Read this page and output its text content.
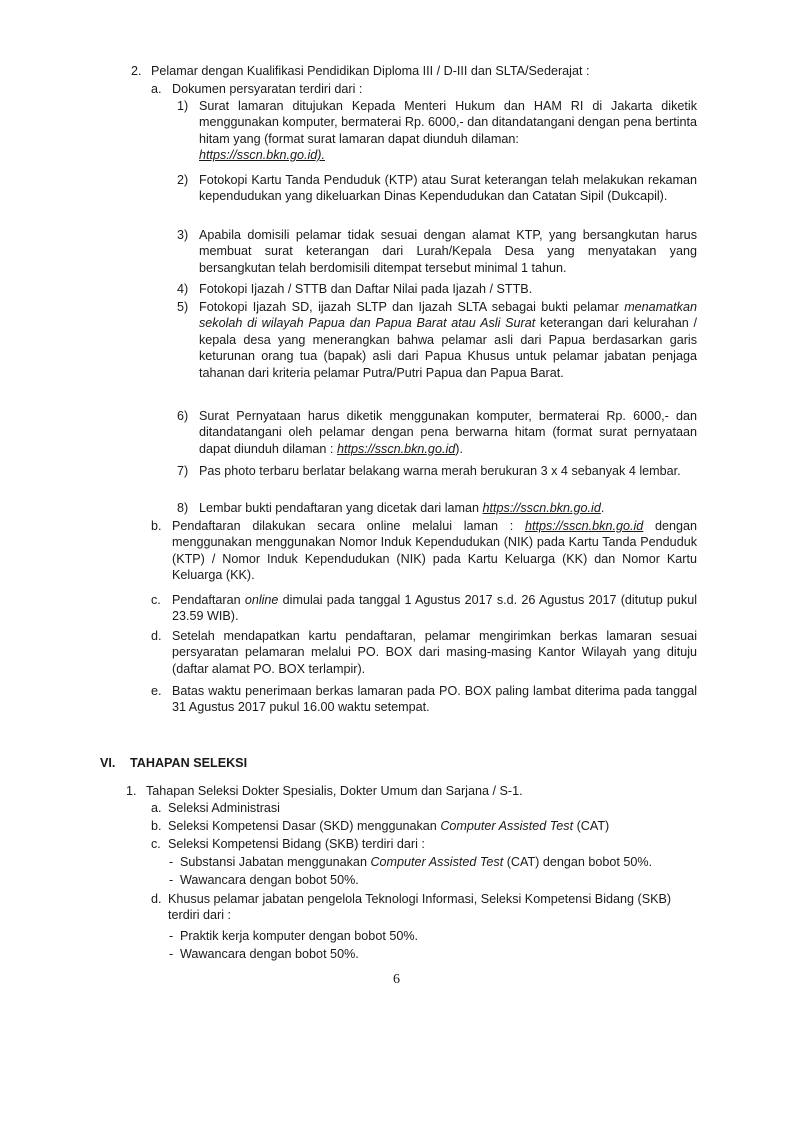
2. Pelamar dengan Kualifikasi Pendidikan Diploma III / D-III dan SLTA/Sederajat :
a. Dokumen persyaratan terdiri dari :
1) Surat lamaran ditujukan Kepada Menteri Hukum dan HAM RI di Jakarta diketik menggunakan komputer, bermaterai Rp. 6000,- dan ditandatangani dengan pena bertinta hitam yang (format surat lamaran dapat diunduh dilaman:
https://sscn.bkn.go.id).
2) Fotokopi Kartu Tanda Penduduk (KTP) atau Surat keterangan telah melakukan rekaman kependudukan yang dikeluarkan Dinas Kependudukan dan Catatan Sipil (Dukcapil).
3) Apabila domisili pelamar tidak sesuai dengan alamat KTP, yang bersangkutan harus membuat surat keterangan dari Lurah/Kepala Desa yang menyatakan yang bersangkutan telah berdomisili ditempat tersebut minimal 1 tahun.
4) Fotokopi Ijazah / STTB dan Daftar Nilai pada Ijazah / STTB.
5) Fotokopi Ijazah SD, ijazah SLTP dan Ijazah SLTA sebagai bukti pelamar menamatkan sekolah di wilayah Papua dan Papua Barat atau Asli Surat keterangan dari kelurahan / kepala desa yang menerangkan bahwa pelamar asli dari Papua berdasarkan garis keturunan orang tua (bapak) asli dari Papua Khusus untuk pelamar jabatan penjaga tahanan dari kriteria pelamar Putra/Putri Papua dan Papua Barat.
6) Surat Pernyataan harus diketik menggunakan komputer, bermaterai Rp. 6000,- dan ditandatangani oleh pelamar dengan pena berwarna hitam (format surat pernyataan dapat diunduh dilaman : https://sscn.bkn.go.id).
7) Pas photo terbaru berlatar belakang warna merah berukuran 3 x 4 sebanyak 4 lembar.
8) Lembar bukti pendaftaran yang dicetak dari laman https://sscn.bkn.go.id.
b. Pendaftaran dilakukan secara online melalui laman : https://sscn.bkn.go.id dengan menggunakan menggunakan Nomor Induk Kependudukan (NIK) pada Kartu Tanda Penduduk (KTP) / Nomor Induk Kependudukan (NIK) pada Kartu Keluarga (KK) dan Nomor Kartu Keluarga (KK).
c. Pendaftaran online dimulai pada tanggal 1 Agustus 2017 s.d. 26 Agustus 2017 (ditutup pukul 23.59 WIB).
d. Setelah mendapatkan kartu pendaftaran, pelamar mengirimkan berkas lamaran sesuai persyaratan pelamaran melalui PO. BOX dari masing-masing Kantor Wilayah yang dituju (daftar alamat PO. BOX terlampir).
e. Batas waktu penerimaan berkas lamaran pada PO. BOX paling lambat diterima pada tanggal 31 Agustus 2017 pukul 16.00 waktu setempat.
VI. TAHAPAN SELEKSI
1. Tahapan Seleksi Dokter Spesialis, Dokter Umum dan Sarjana / S-1.
a. Seleksi Administrasi
b. Seleksi Kompetensi Dasar (SKD) menggunakan Computer Assisted Test (CAT)
c. Seleksi Kompetensi Bidang (SKB) terdiri dari :
- Substansi Jabatan menggunakan Computer Assisted Test (CAT) dengan bobot 50%.
- Wawancara dengan bobot 50%.
d. Khusus pelamar jabatan pengelola Teknologi Informasi, Seleksi Kompetensi Bidang (SKB) terdiri dari :
- Praktik kerja komputer dengan bobot 50%.
- Wawancara dengan bobot 50%.
6
